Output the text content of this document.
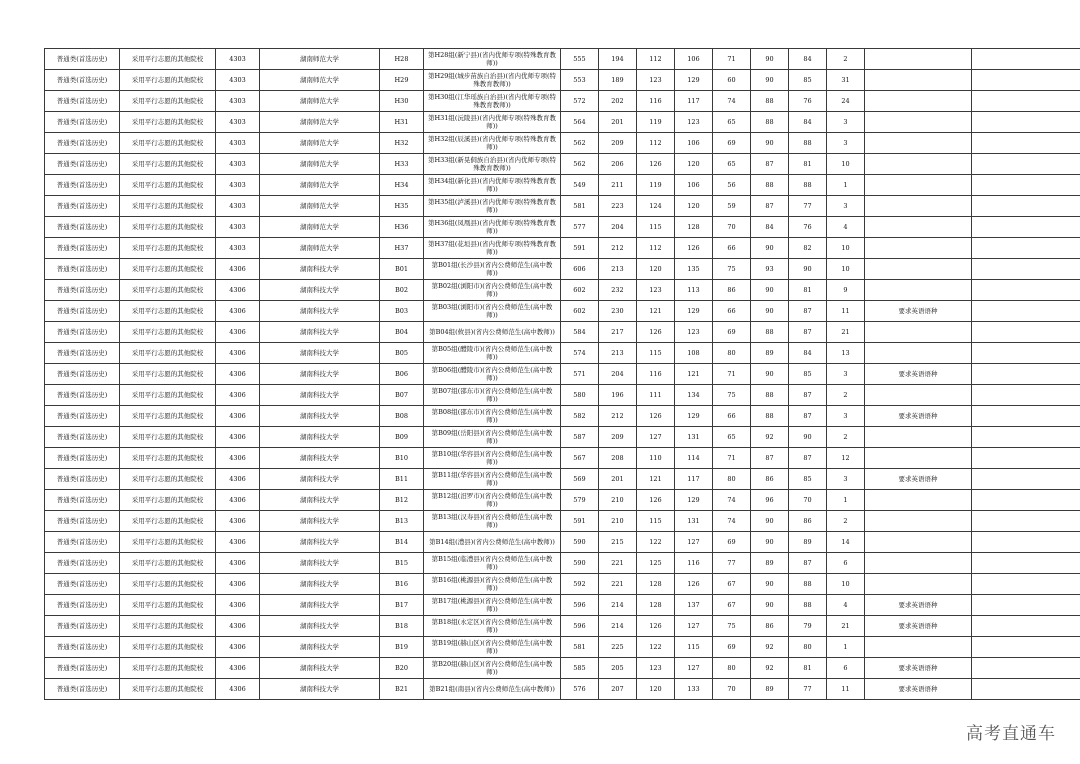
普通类(首选历史)	采用平行志愿的其他院校	4303	湖南师范大学	H28	第H28组(新宁县)(省内优师专项(特殊教育教师))	555	194	112	106	71	90	84	2		
普通类(首选历史)	采用平行志愿的其他院校	4303	湖南师范大学	H29	第H29组(城步苗族自治县)(省内优师专项(特殊教育教师))	553	189	123	129	60	90	85	31		
普通类(首选历史)	采用平行志愿的其他院校	4303	湖南师范大学	H30	第H30组(江华瑶族自治县)(省内优师专项(特殊教育教师))	572	202	116	117	74	88	76	24		
普通类(首选历史)	采用平行志愿的其他院校	4303	湖南师范大学	H31	第H31组(沅陵县)(省内优师专项(特殊教育教师))	564	201	119	123	65	88	84	3		
普通类(首选历史)	采用平行志愿的其他院校	4303	湖南师范大学	H32	第H32组(辰溪县)(省内优师专项(特殊教育教师))	562	209	112	106	69	90	88	3		
普通类(首选历史)	采用平行志愿的其他院校	4303	湖南师范大学	H33	第H33组(新晃侗族自治县)(省内优师专项(特殊教育教师))	562	206	126	120	65	87	81	10		
普通类(首选历史)	采用平行志愿的其他院校	4303	湖南师范大学	H34	第H34组(新化县)(省内优师专项(特殊教育教师))	549	211	119	106	56	88	88	1		
普通类(首选历史)	采用平行志愿的其他院校	4303	湖南师范大学	H35	第H35组(泸溪县)(省内优师专项(特殊教育教师))	581	223	124	120	59	87	77	3		
普通类(首选历史)	采用平行志愿的其他院校	4303	湖南师范大学	H36	第H36组(凤凰县)(省内优师专项(特殊教育教师))	577	204	115	128	70	84	76	4		
普通类(首选历史)	采用平行志愿的其他院校	4303	湖南师范大学	H37	第H37组(花垣县)(省内优师专项(特殊教育教师))	591	212	112	126	66	90	82	10		
普通类(首选历史)	采用平行志愿的其他院校	4306	湖南科技大学	B01	第B01组(长沙县)(省内公费师范生(高中教师))	606	213	120	135	75	93	90	10		
普通类(首选历史)	采用平行志愿的其他院校	4306	湖南科技大学	B02	第B02组(浏阳市)(省内公费师范生(高中教师))	602	232	123	113	86	90	81	9		
普通类(首选历史)	采用平行志愿的其他院校	4306	湖南科技大学	B03	第B03组(浏阳市)(省内公费师范生(高中教师))	602	230	121	129	66	90	87	11	要求英语语种	
普通类(首选历史)	采用平行志愿的其他院校	4306	湖南科技大学	B04	第B04组(攸县)(省内公费师范生(高中教师))	584	217	126	123	69	88	87	21		
普通类(首选历史)	采用平行志愿的其他院校	4306	湖南科技大学	B05	第B05组(醴陵市)(省内公费师范生(高中教师))	574	213	115	108	80	89	84	13		
普通类(首选历史)	采用平行志愿的其他院校	4306	湖南科技大学	B06	第B06组(醴陵市)(省内公费师范生(高中教师))	571	204	116	121	71	90	85	3	要求英语语种	
普通类(首选历史)	采用平行志愿的其他院校	4306	湖南科技大学	B07	第B07组(邵东市)(省内公费师范生(高中教师))	580	196	111	134	75	88	87	2		
普通类(首选历史)	采用平行志愿的其他院校	4306	湖南科技大学	B08	第B08组(邵东市)(省内公费师范生(高中教师))	582	212	126	129	66	88	87	3	要求英语语种	
普通类(首选历史)	采用平行志愿的其他院校	4306	湖南科技大学	B09	第B09组(岳阳县)(省内公费师范生(高中教师))	587	209	127	131	65	92	90	2		
普通类(首选历史)	采用平行志愿的其他院校	4306	湖南科技大学	B10	第B10组(华容县)(省内公费师范生(高中教师))	567	208	110	114	71	87	87	12		
普通类(首选历史)	采用平行志愿的其他院校	4306	湖南科技大学	B11	第B11组(华容县)(省内公费师范生(高中教师))	569	201	121	117	80	86	85	3	要求英语语种	
普通类(首选历史)	采用平行志愿的其他院校	4306	湖南科技大学	B12	第B12组(汨罗市)(省内公费师范生(高中教师))	579	210	126	129	74	96	70	1		
普通类(首选历史)	采用平行志愿的其他院校	4306	湖南科技大学	B13	第B13组(汉寿县)(省内公费师范生(高中教师))	591	210	115	131	74	90	86	2		
普通类(首选历史)	采用平行志愿的其他院校	4306	湖南科技大学	B14	第B14组(澧县)(省内公费师范生(高中教师))	590	215	122	127	69	90	89	14		
普通类(首选历史)	采用平行志愿的其他院校	4306	湖南科技大学	B15	第B15组(临澧县)(省内公费师范生(高中教师))	590	221	125	116	77	89	87	6		
普通类(首选历史)	采用平行志愿的其他院校	4306	湖南科技大学	B16	第B16组(桃源县)(省内公费师范生(高中教师))	592	221	128	126	67	90	88	10		
普通类(首选历史)	采用平行志愿的其他院校	4306	湖南科技大学	B17	第B17组(桃源县)(省内公费师范生(高中教师))	596	214	128	137	67	90	88	4	要求英语语种	
普通类(首选历史)	采用平行志愿的其他院校	4306	湖南科技大学	B18	第B18组(永定区)(省内公费师范生(高中教师))	596	214	126	127	75	86	79	21	要求英语语种	
普通类(首选历史)	采用平行志愿的其他院校	4306	湖南科技大学	B19	第B19组(赫山区)(省内公费师范生(高中教师))	581	225	122	115	69	92	80	1		
普通类(首选历史)	采用平行志愿的其他院校	4306	湖南科技大学	B20	第B20组(赫山区)(省内公费师范生(高中教师))	585	205	123	127	80	92	81	6	要求英语语种	
普通类(首选历史)	采用平行志愿的其他院校	4306	湖南科技大学	B21	第B21组(南县)(省内公费师范生(高中教师))	576	207	120	133	70	89	77	11	要求英语语种	
高考直通车
